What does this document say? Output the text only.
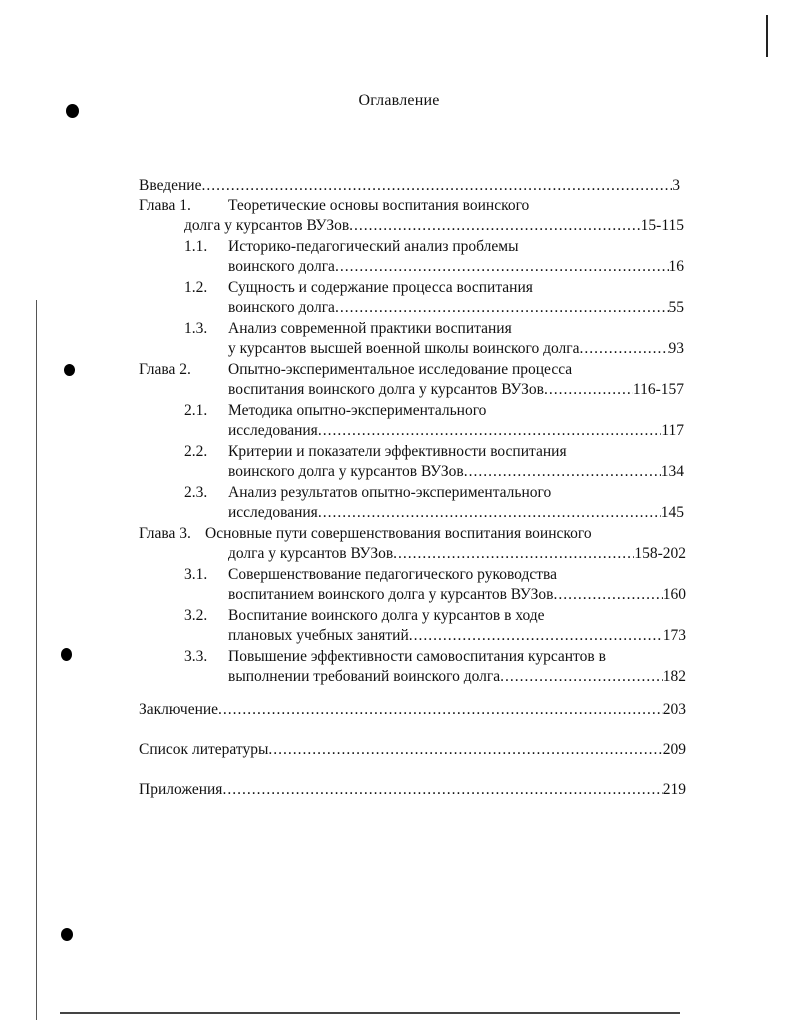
Оглавление
Введение .....	3
Глава 1. Теоретические основы воспитания воинского
долга у курсантов ВУЗов .....	15-115
1.1. Историко-педагогический анализ проблемы
воинского долга .....	16
1.2. Сущность и содержание процесса воспитания
воинского долга .....	55
1.3. Анализ современной практики воспитания
у курсантов высшей военной школы воинского долга .....	93
Глава 2. Опытно-экспериментальное исследование процесса
воспитания воинского долга у курсантов ВУЗов .....	116-157
2.1. Методика опытно-экспериментального
исследования .....	117
2.2. Критерии и показатели эффективности воспитания
воинского долга у курсантов ВУЗов .....	134
2.3. Анализ результатов опытно-экспериментального
исследования .....	145
Глава 3. Основные пути совершенствования воспитания воинского
долга у курсантов ВУЗов .....	158-202
3.1. Совершенствование педагогического руководства
воспитанием воинского долга у курсантов ВУЗов .....	160
3.2. Воспитание воинского долга у курсантов в ходе
плановых учебных занятий .....	173
3.3. Повышение эффективности самовоспитания курсантов в
выполнении требований воинского долга .....	182
Заключение .....	203
Список литературы .....	209
Приложения .....	219
